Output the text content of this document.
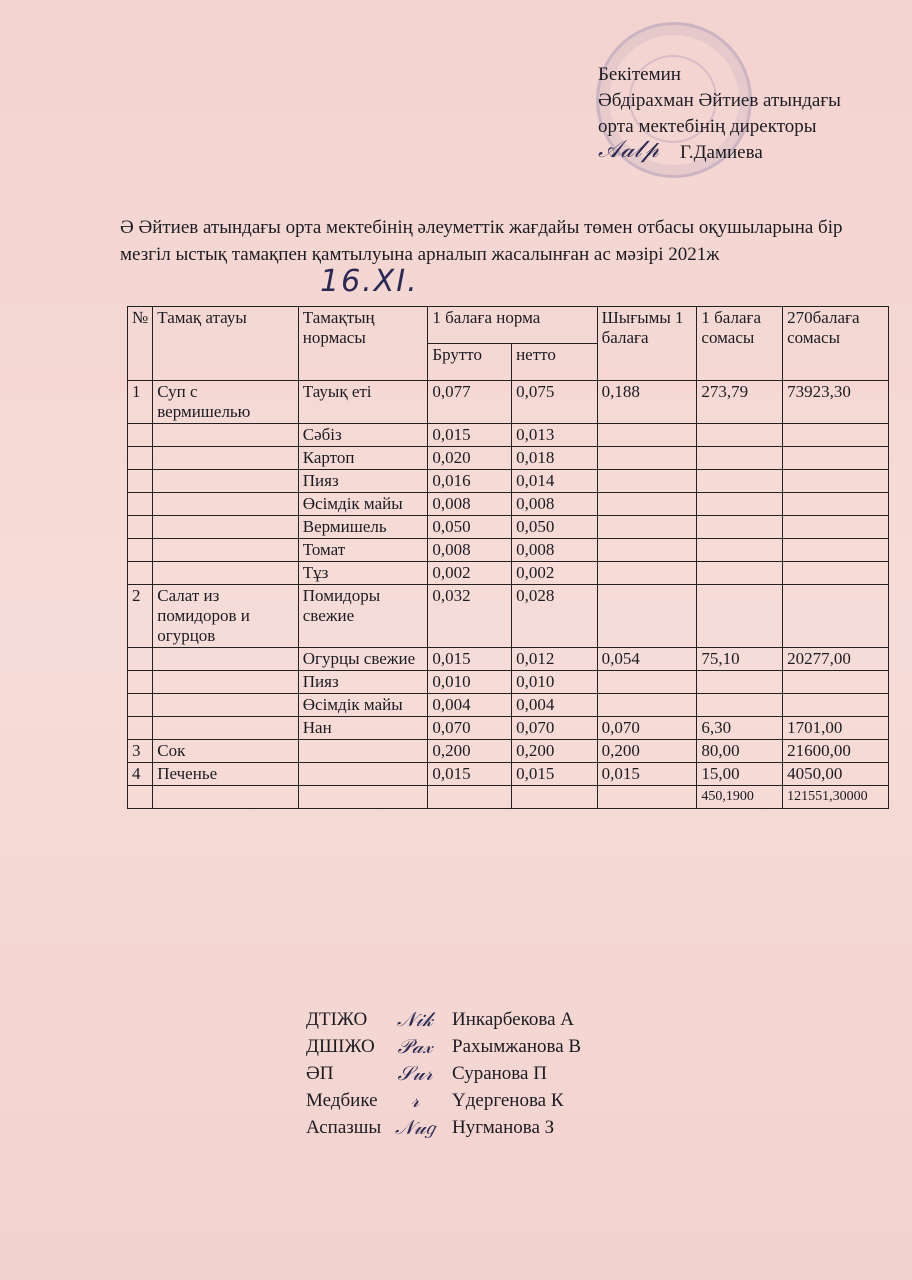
Бекітемин
Әбдірахман Әйтиев атындағы
орта мектебінің директоры
𝒜𝒶𝓁𝓅 Г.Дамиева
Ә Әйтиев атындағы орта мектебінің әлеуметтік жағдайы төмен отбасы оқушыларына бір мезгіл ыстық тамақпен қамтылуына арналып жасалынған ас мәзірі 2021ж
16.XI.
№	Тамақ атауы	Тамақтың нормасы	1 балаға норма		Шығымы 1 балаға	1 балаға сомасы	270балаға сомасы
			Брутто	нетто			
1	Суп с вермишелью	Тауық еті	0,077	0,075	0,188	273,79	73923,30
		Сәбіз	0,015	0,013			
		Картоп	0,020	0,018			
		Пияз	0,016	0,014			
		Өсімдік майы	0,008	0,008			
		Вермишель	0,050	0,050			
		Томат	0,008	0,008			
		Тұз	0,002	0,002			
2	Салат из помидоров и огурцов	Помидоры свежие	0,032	0,028			
		Огурцы свежие	0,015	0,012	0,054	75,10	20277,00
		Пияз	0,010	0,010			
		Өсімдік майы	0,004	0,004			
		Нан	0,070	0,070	0,070	6,30	1701,00
3	Сок		0,200	0,200	0,200	80,00	21600,00
4	Печенье		0,015	0,015	0,015	15,00	4050,00
						450,1900	121551,30000
ДТІЖО	𝒩𝒾𝓀 Инкарбекова А
ДШІЖО	𝒫𝒶𝓍	Рахымжанова В
ӘП	𝒮𝓊𝓇	Суранова П
Медбике	𝓇	Үдергенова К
Аспазшы 𝒩𝓊𝑔 Нугманова З
